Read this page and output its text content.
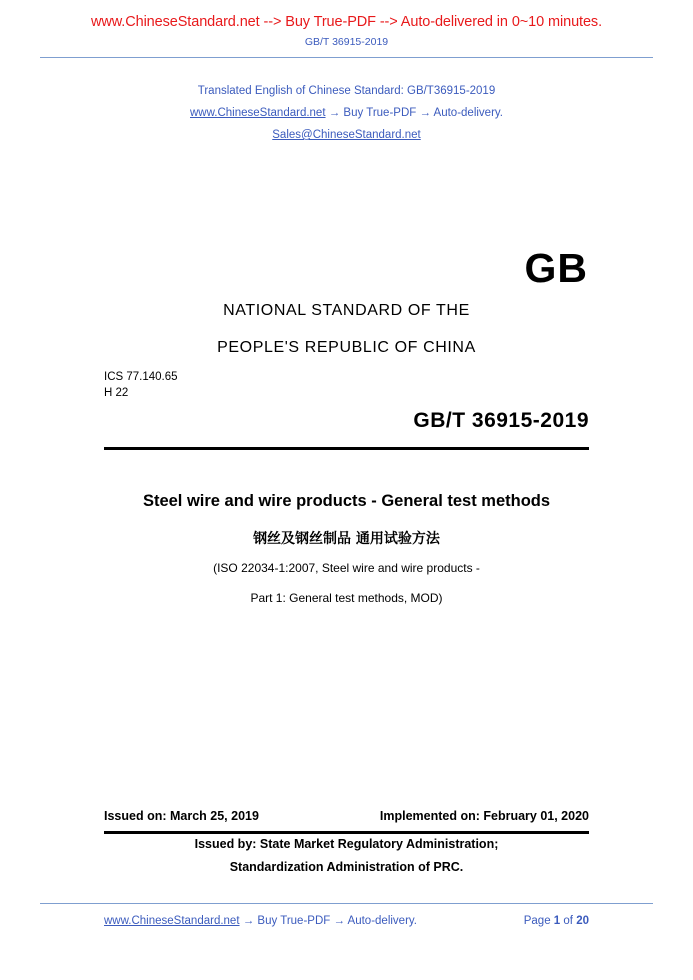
www.ChineseStandard.net --> Buy True-PDF --> Auto-delivered in 0~10 minutes.
GB/T 36915-2019
Translated English of Chinese Standard: GB/T36915-2019
www.ChineseStandard.net → Buy True-PDF → Auto-delivery.
Sales@ChineseStandard.net
GB
NATIONAL STANDARD OF THE
PEOPLE'S REPUBLIC OF CHINA
ICS 77.140.65
H 22
GB/T 36915-2019
Steel wire and wire products - General test methods
钢丝及钢丝制品 通用试验方法
(ISO 22034-1:2007, Steel wire and wire products -
Part 1: General test methods, MOD)
Issued on: March 25, 2019	Implemented on: February 01, 2020
Issued by: State Market Regulatory Administration;
Standardization Administration of PRC.
www.ChineseStandard.net → Buy True-PDF → Auto-delivery.	Page 1 of 20
